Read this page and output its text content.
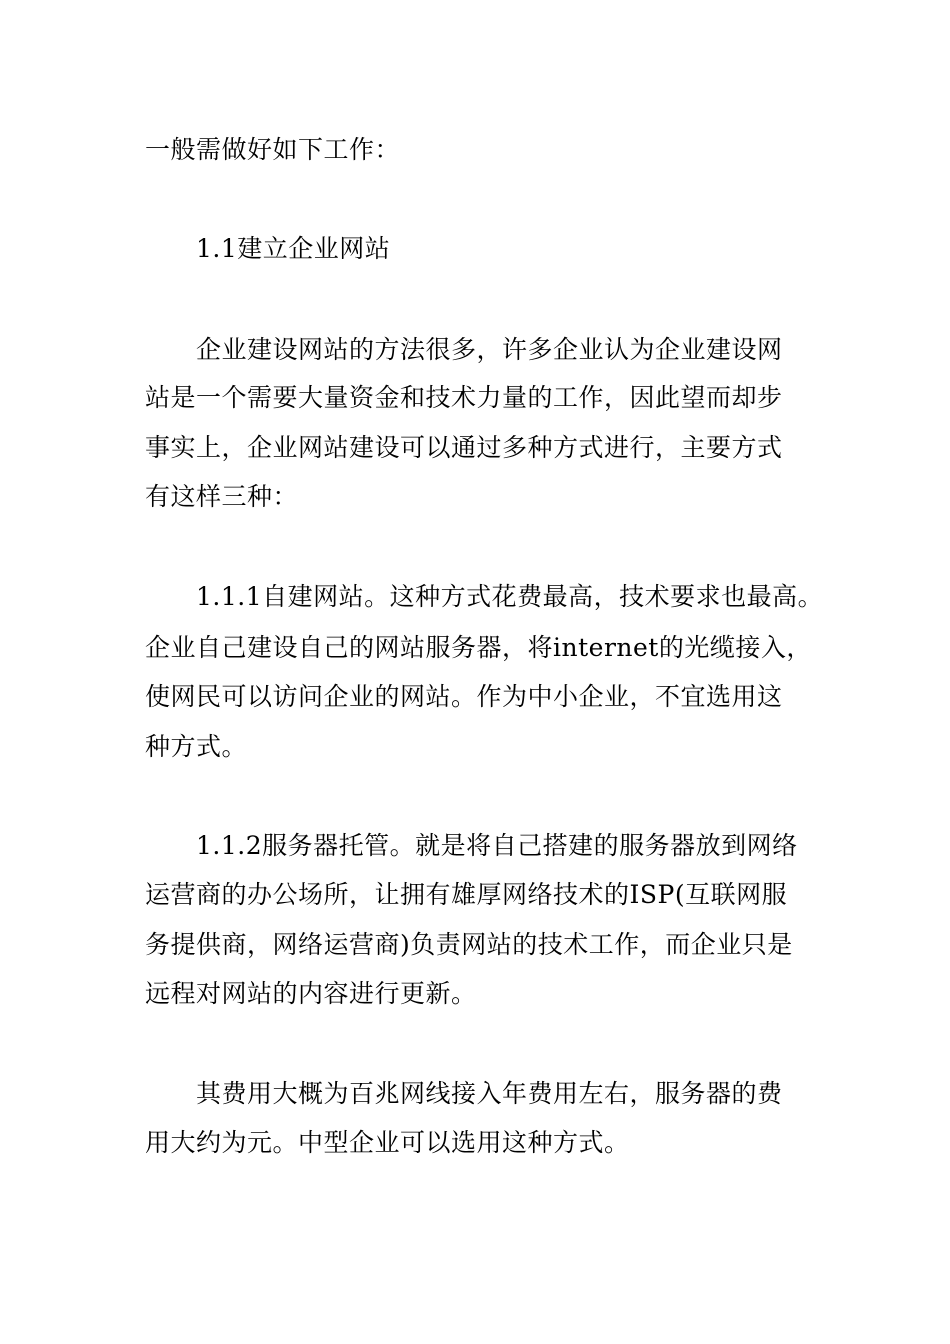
一般需做好如下工作：
1.1建立企业网站
企业建设网站的方法很多，许多企业认为企业建设网
站是一个需要大量资金和技术力量的工作，因此望而却步
事实上，企业网站建设可以通过多种方式进行，主要方式
有这样三种：
1.1.1自建网站。这种方式花费最高，技术要求也最高。
企业自己建设自己的网站服务器，将internet的光缆接入，
使网民可以访问企业的网站。作为中小企业，不宜选用这
种方式。
1.1.2服务器托管。就是将自己搭建的服务器放到网络
运营商的办公场所，让拥有雄厚网络技术的ISP(互联网服
务提供商，网络运营商)负责网站的技术工作，而企业只是
远程对网站的内容进行更新。
其费用大概为百兆网线接入年费用左右，服务器的费
用大约为元。中型企业可以选用这种方式。
